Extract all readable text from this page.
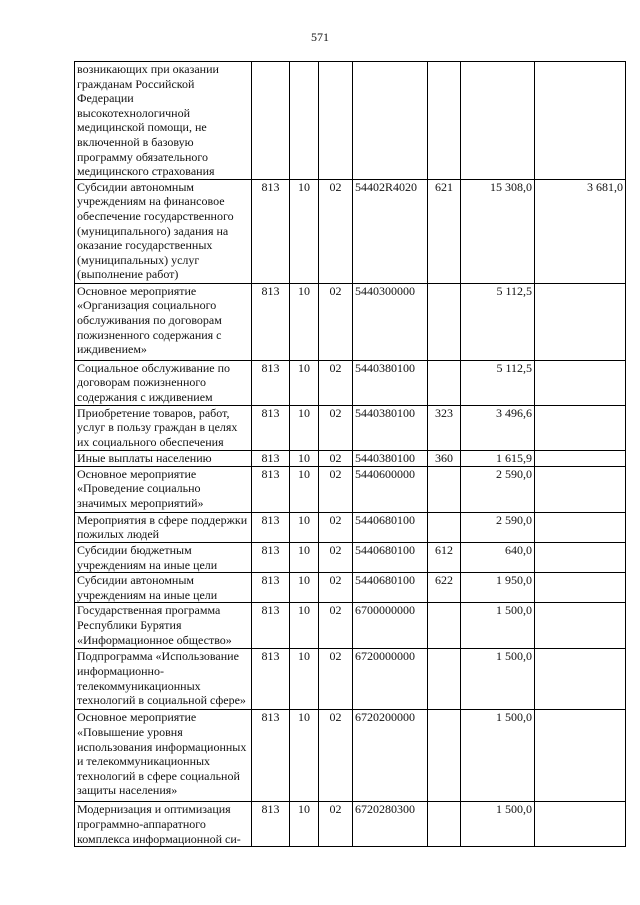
571
возникающих при оказании гражданам Российской Федерации высокотехнологичной медицинской помощи, не включенной в базовую программу обязательного медицинского страхования							
Субсидии автономным учреждениям на финансовое обеспечение государственного (муниципального) задания на оказание государственных (муниципальных) услуг (выполнение работ)	813	10	02	54402R4020	621	15 308,0	3 681,0
Основное мероприятие «Организация социального обслуживания по договорам пожизненного содержания с иждивением»	813	10	02	5440300000		5 112,5	
Социальное обслуживание по договорам пожизненного содержания с иждивением	813	10	02	5440380100		5 112,5	
Приобретение товаров, работ, услуг в пользу граждан в целях их социального обеспечения	813	10	02	5440380100	323	3 496,6	
Иные выплаты населению	813	10	02	5440380100	360	1 615,9	
Основное мероприятие «Проведение социально значимых мероприятий»	813	10	02	5440600000		2 590,0	
Мероприятия в сфере поддержки пожилых людей	813	10	02	5440680100		2 590,0	
Субсидии бюджетным учреждениям на иные цели	813	10	02	5440680100	612	640,0	
Субсидии автономным учреждениям на иные цели	813	10	02	5440680100	622	1 950,0	
Государственная программа Республики Бурятия «Информационное общество»	813	10	02	6700000000		1 500,0	
Подпрограмма «Использование информационно-телекоммуникационных технологий в социальной сфере»	813	10	02	6720000000		1 500,0	
Основное мероприятие «Повышение уровня использования информационных и телекоммуникационных технологий в сфере социальной защиты населения»	813	10	02	6720200000		1 500,0	
Модернизация и оптимизация программно-аппаратного комплекса информационной си-	813	10	02	6720280300		1 500,0	
